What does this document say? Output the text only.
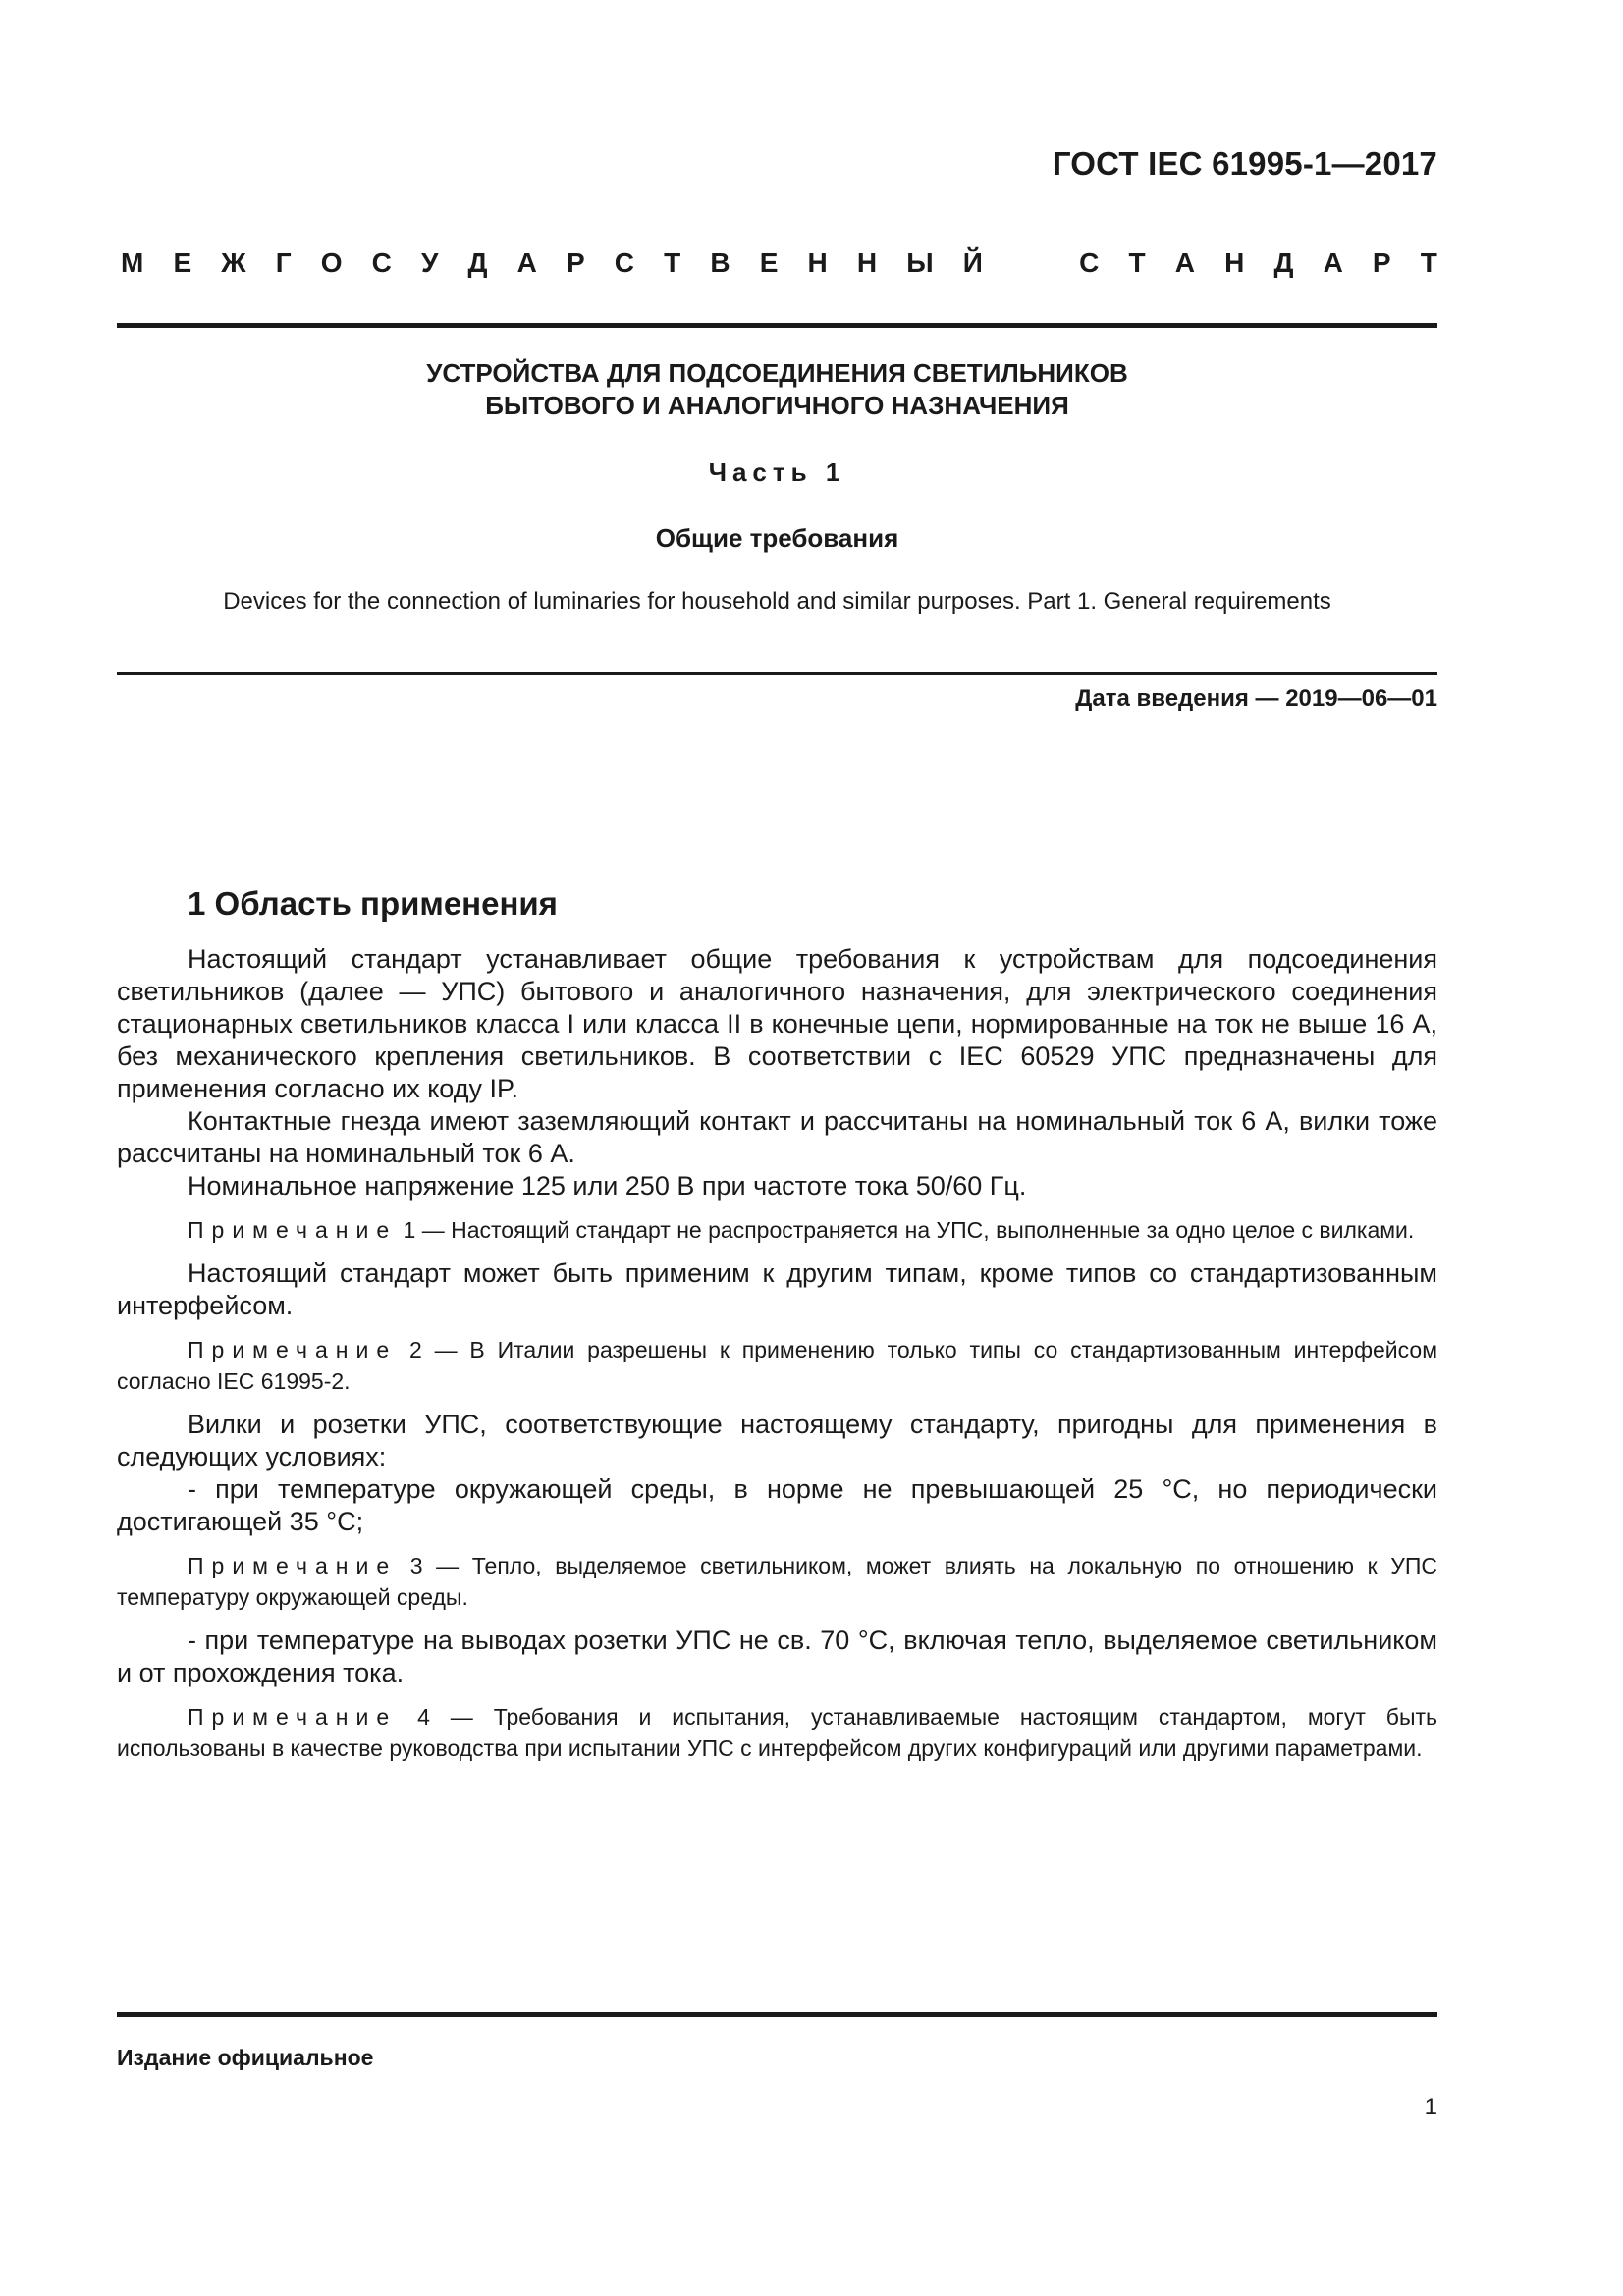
ГОСТ IEC 61995-1—2017
М Е Ж Г О С У Д А Р С Т В Е Н Н Ы Й	С Т А Н Д А Р Т
УСТРОЙСТВА ДЛЯ ПОДСОЕДИНЕНИЯ СВЕТИЛЬНИКОВ
БЫТОВОГО И АНАЛОГИЧНОГО НАЗНАЧЕНИЯ
Часть 1
Общие требования
Devices for the connection of luminaries for household and similar purposes. Part 1. General requirements
Дата введения — 2019—06—01
1 Область применения

Настоящий стандарт устанавливает общие требования к устройствам для подсоединения светильников (далее — УПС) бытового и аналогичного назначения, для электрического соединения стационарных светильников класса I или класса II в конечные цепи, нормированные на ток не выше 16 А, без механического крепления светильников. В соответствии с IEC 60529 УПС предназначены для применения согласно их коду IP.

Контактные гнезда имеют заземляющий контакт и рассчитаны на номинальный ток 6 А, вилки тоже рассчитаны на номинальный ток 6 А.

Номинальное напряжение 125 или 250 В при частоте тока 50/60 Гц.

Примечание 1 — Настоящий стандарт не распространяется на УПС, выполненные за одно целое с вилками.

Настоящий стандарт может быть применим к другим типам, кроме типов со стандартизованным интерфейсом.

Примечание 2 — В Италии разрешены к применению только типы со стандартизованным интерфейсом согласно IEC 61995-2.

Вилки и розетки УПС, соответствующие настоящему стандарту, пригодны для применения в следующих условиях:

- при температуре окружающей среды, в норме не превышающей 25 °С, но периодически достигающей 35 °С;

Примечание 3 — Тепло, выделяемое светильником, может влиять на локальную по отношению к УПС температуру окружающей среды.

- при температуре на выводах розетки УПС не св. 70 °С, включая тепло, выделяемое светильником и от прохождения тока.

Примечание 4 — Требования и испытания, устанавливаемые настоящим стандартом, могут быть использованы в качестве руководства при испытании УПС с интерфейсом других конфигураций или другими параметрами.

Издание официальное
1
